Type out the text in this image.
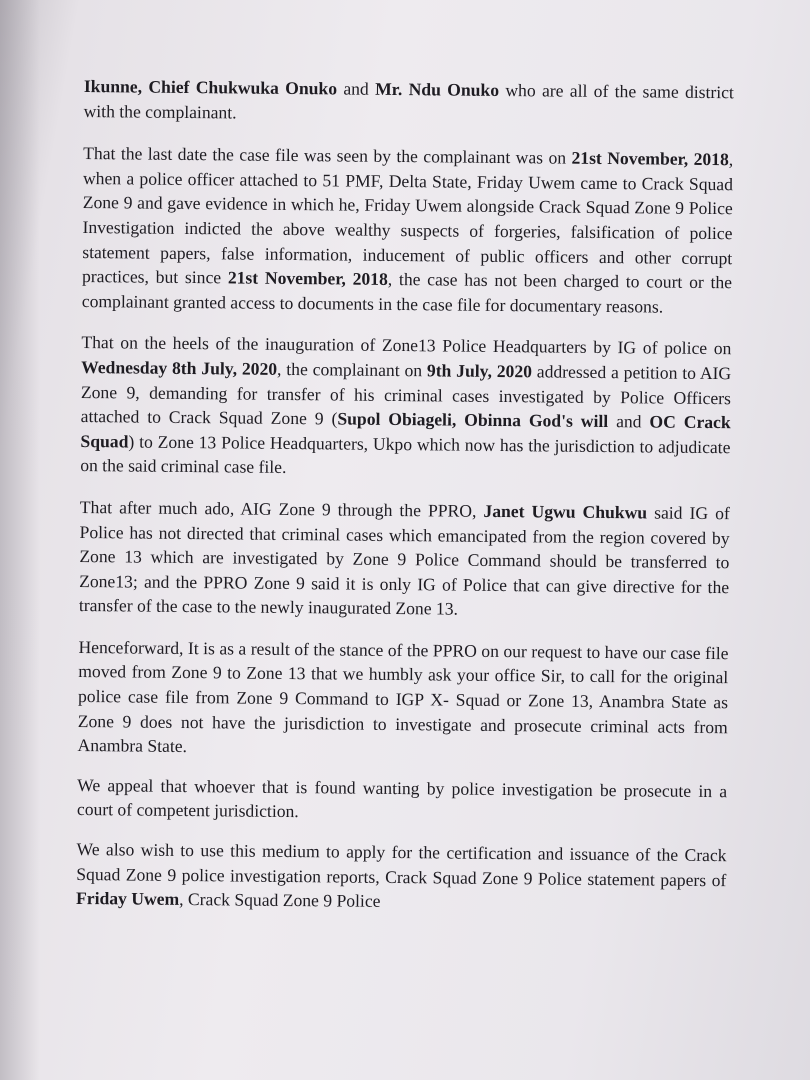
Ikunne, Chief Chukwuka Onuko and Mr. Ndu Onuko who are all of the same district with the complainant.

That the last date the case file was seen by the complainant was on 21st November, 2018, when a police officer attached to 51 PMF, Delta State, Friday Uwem came to Crack Squad Zone 9 and gave evidence in which he, Friday Uwem alongside Crack Squad Zone 9 Police Investigation indicted the above wealthy suspects of forgeries, falsification of police statement papers, false information, inducement of public officers and other corrupt practices, but since 21st November, 2018, the case has not been charged to court or the complainant granted access to documents in the case file for documentary reasons.

That on the heels of the inauguration of Zone13 Police Headquarters by IG of police on Wednesday 8th July, 2020, the complainant on 9th July, 2020 addressed a petition to AIG Zone 9, demanding for transfer of his criminal cases investigated by Police Officers attached to Crack Squad Zone 9 (Supol Obiageli, Obinna God's will and OC Crack Squad) to Zone 13 Police Headquarters, Ukpo which now has the jurisdiction to adjudicate on the said criminal case file.

That after much ado, AIG Zone 9 through the PPRO, Janet Ugwu Chukwu said IG of Police has not directed that criminal cases which emancipated from the region covered by Zone 13 which are investigated by Zone 9 Police Command should be transferred to Zone13; and the PPRO Zone 9 said it is only IG of Police that can give directive for the transfer of the case to the newly inaugurated Zone 13.

Henceforward, It is as a result of the stance of the PPRO on our request to have our case file moved from Zone 9 to Zone 13 that we humbly ask your office Sir, to call for the original police case file from Zone 9 Command to IGP X- Squad or Zone 13, Anambra State as Zone 9 does not have the jurisdiction to investigate and prosecute criminal acts from Anambra State.

We appeal that whoever that is found wanting by police investigation be prosecute in a court of competent jurisdiction.

We also wish to use this medium to apply for the certification and issuance of the Crack Squad Zone 9 police investigation reports, Crack Squad Zone 9 Police statement papers of Friday Uwem, Crack Squad Zone 9 Police
